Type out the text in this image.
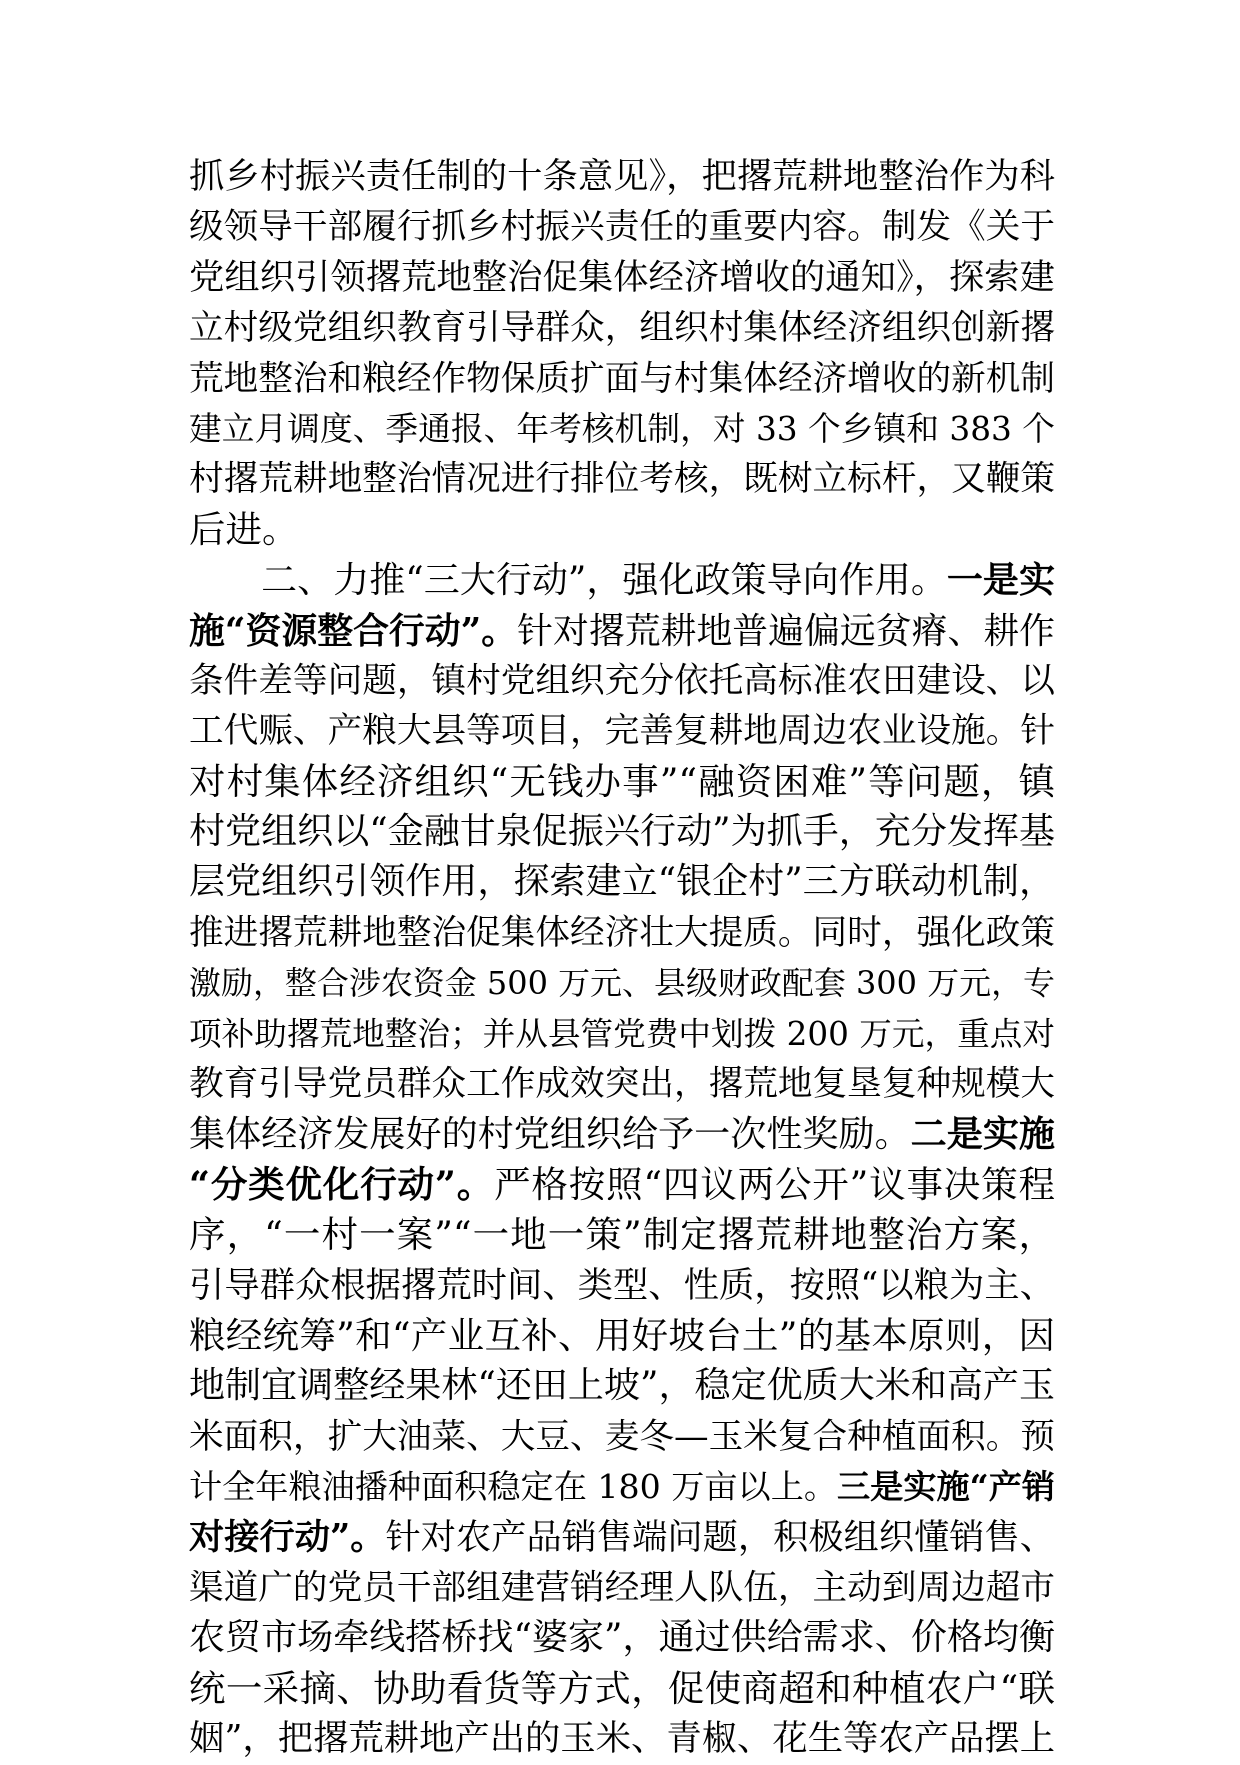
抓乡村振兴责任制的十条意见》，把撂荒耕地整治作为科
级领导干部履行抓乡村振兴责任的重要内容。制发《关于
党组织引领撂荒地整治促集体经济增收的通知》，探索建
立村级党组织教育引导群众，组织村集体经济组织创新撂
荒地整治和粮经作物保质扩面与村集体经济增收的新机制
建立月调度、季通报、年考核机制，对 33 个乡镇和 383 个
村撂荒耕地整治情况进行排位考核，既树立标杆，又鞭策
后进。
　　二、力推“三大行动”，强化政策导向作用。一是实
施“资源整合行动”。针对撂荒耕地普遍偏远贫瘠、耕作
条件差等问题，镇村党组织充分依托高标准农田建设、以
工代赈、产粮大县等项目，完善复耕地周边农业设施。针
对村集体经济组织“无钱办事”“融资困难”等问题，镇
村党组织以“金融甘泉促振兴行动”为抓手，充分发挥基
层党组织引领作用，探索建立“银企村”三方联动机制，
推进撂荒耕地整治促集体经济壮大提质。同时，强化政策
激励，整合涉农资金 500 万元、县级财政配套 300 万元，专
项补助撂荒地整治；并从县管党费中划拨 200 万元，重点对
教育引导党员群众工作成效突出，撂荒地复垦复种规模大
集体经济发展好的村党组织给予一次性奖励。二是实施
“分类优化行动”。严格按照“四议两公开”议事决策程
序，“一村一案”“一地一策”制定撂荒耕地整治方案，
引导群众根据撂荒时间、类型、性质，按照“以粮为主、
粮经统筹”和“产业互补、用好坡台土”的基本原则，因
地制宜调整经果林“还田上坡”，稳定优质大米和高产玉
米面积，扩大油菜、大豆、麦冬—玉米复合种植面积。预
计全年粮油播种面积稳定在 180 万亩以上。三是实施“产销
对接行动”。针对农产品销售端问题，积极组织懂销售、
渠道广的党员干部组建营销经理人队伍，主动到周边超市
农贸市场牵线搭桥找“婆家”，通过供给需求、价格均衡
统一采摘、协助看货等方式，促使商超和种植农户“联
姻”，把撂荒耕地产出的玉米、青椒、花生等农产品摆上
